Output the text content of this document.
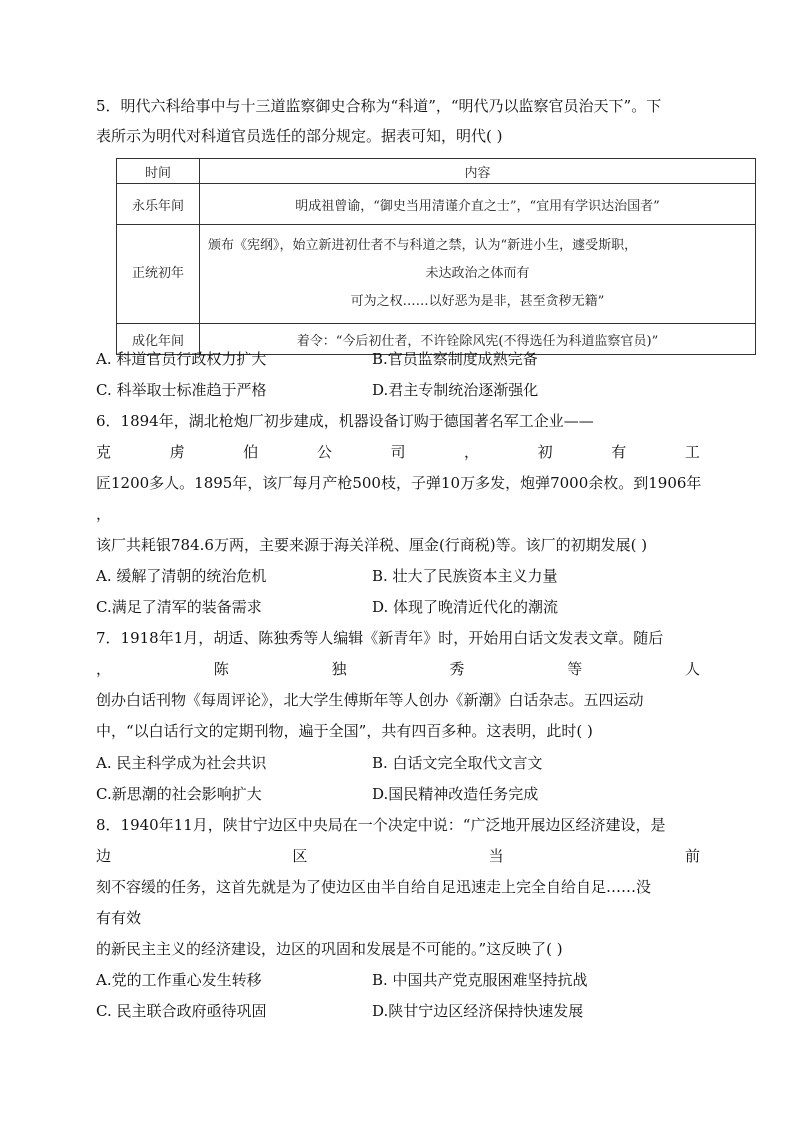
5．明代六科给事中与十三道监察御史合称为“科道”，“明代乃以监察官员治天下”。下
表所示为明代对科道官员选任的部分规定。据表可知，明代( )
时间	内容
永乐年间	明成祖曾谕，“御史当用清谨介直之士”，“宜用有学识达治国者”
正统初年	颁布《宪纲》，始立新进初仕者不与科道之禁，认为“新进小生，遽受斯职，
未达政治之体而有
可为之权……以好恶为是非，甚至贪秽无籍”

成化年间	着令：“今后初仕者，不许铨除风宪(不得选任为科道监察官员)”
A. 科道官员行政权力扩大	B.官员监察制度成熟完备
C. 科举取士标准趋于严格	D.君主专制统治逐渐强化
6．1894年，湖北枪炮厂初步建成，机器设备订购于德国著名军工企业——
克	虏	伯	公	司	，	初	有	工
匠1200多人。1895年，该厂每月产枪500枝，子弹10万多发，炮弹7000余枚。到1906年
，
该厂共耗银784.6万两，主要来源于海关洋税、厘金(行商税)等。该厂的初期发展( )
A. 缓解了清朝的统治危机	B. 壮大了民族资本主义力量
C.满足了清军的装备需求	D. 体现了晚清近代化的潮流
7．1918年1月，胡适、陈独秀等人编辑《新青年》时，开始用白话文发表文章。随后
，	陈	独	秀	等	人
创办白话刊物《每周评论》，北大学生傅斯年等人创办《新潮》白话杂志。五四运动
中，“以白话行文的定期刊物，遍于全国”，共有四百多种。这表明，此时( )
A. 民主科学成为社会共识	B. 白话文完全取代文言文
C.新思潮的社会影响扩大	D.国民精神改造任务完成
8．1940年11月，陕甘宁边区中央局在一个决定中说：“广泛地开展边区经济建设，是
边	区	当	前
刻不容缓的任务，这首先就是为了使边区由半自给自足迅速走上完全自给自足……没
有有效
的新民主主义的经济建设，边区的巩固和发展是不可能的。”这反映了( )
A.党的工作重心发生转移	B. 中国共产党克服困难坚持抗战
C. 民主联合政府亟待巩固	D.陕甘宁边区经济保持快速发展
